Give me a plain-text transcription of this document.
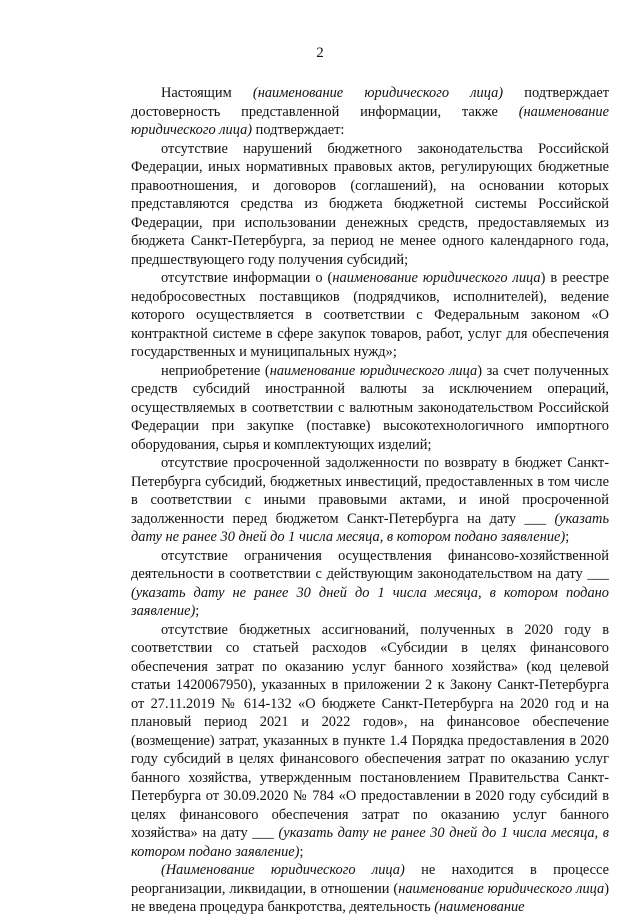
2

Настоящим (наименование юридического лица) подтверждает достоверность представленной информации, также (наименование юридического лица) подтверждает:

отсутствие нарушений бюджетного законодательства Российской Федерации, иных нормативных правовых актов, регулирующих бюджетные правоотношения, и договоров (соглашений), на основании которых представляются средства из бюджета бюджетной системы Российской Федерации, при использовании денежных средств, предоставляемых из бюджета Санкт-Петербурга, за период не менее одного календарного года, предшествующего году получения субсидий;

отсутствие информации о (наименование юридического лица) в реестре недобросовестных поставщиков (подрядчиков, исполнителей), ведение которого осуществляется в соответствии с Федеральным законом «О контрактной системе в сфере закупок товаров, работ, услуг для обеспечения государственных и муниципальных нужд»;

неприобретение (наименование юридического лица) за счет полученных средств субсидий иностранной валюты за исключением операций, осуществляемых в соответствии с валютным законодательством Российской Федерации при закупке (поставке) высокотехнологичного импортного оборудования, сырья и комплектующих изделий;

отсутствие просроченной задолженности по возврату в бюджет Санкт-Петербурга субсидий, бюджетных инвестиций, предоставленных в том числе в соответствии с иными правовыми актами, и иной просроченной задолженности перед бюджетом Санкт-Петербурга на дату ___ (указать дату не ранее 30 дней до 1 числа месяца, в котором подано заявление);

отсутствие ограничения осуществления финансово-хозяйственной деятельности в соответствии с действующим законодательством на дату ___ (указать дату не ранее 30 дней до 1 числа месяца, в котором подано заявление);

отсутствие бюджетных ассигнований, полученных в 2020 году в соответствии со статьей расходов «Субсидии в целях финансового обеспечения затрат по оказанию услуг банного хозяйства» (код целевой статьи 1420067950), указанных в приложении 2 к Закону Санкт-Петербурга от 27.11.2019 № 614-132 «О бюджете Санкт-Петербурга на 2020 год и на плановый период 2021 и 2022 годов», на финансовое обеспечение (возмещение) затрат, указанных в пункте 1.4 Порядка предоставления в 2020 году субсидий в целях финансового обеспечения затрат по оказанию услуг банного хозяйства, утвержденным постановлением Правительства Санкт-Петербурга от 30.09.2020 № 784 «О предоставлении в 2020 году субсидий в целях финансового обеспечения затрат по оказанию услуг банного хозяйства» на дату ___ (указать дату не ранее 30 дней до 1 числа месяца, в котором подано заявление);

(Наименование юридического лица) не находится в процессе реорганизации, ликвидации, в отношении (наименование юридического лица) не введена процедура банкротства, деятельность (наименование
